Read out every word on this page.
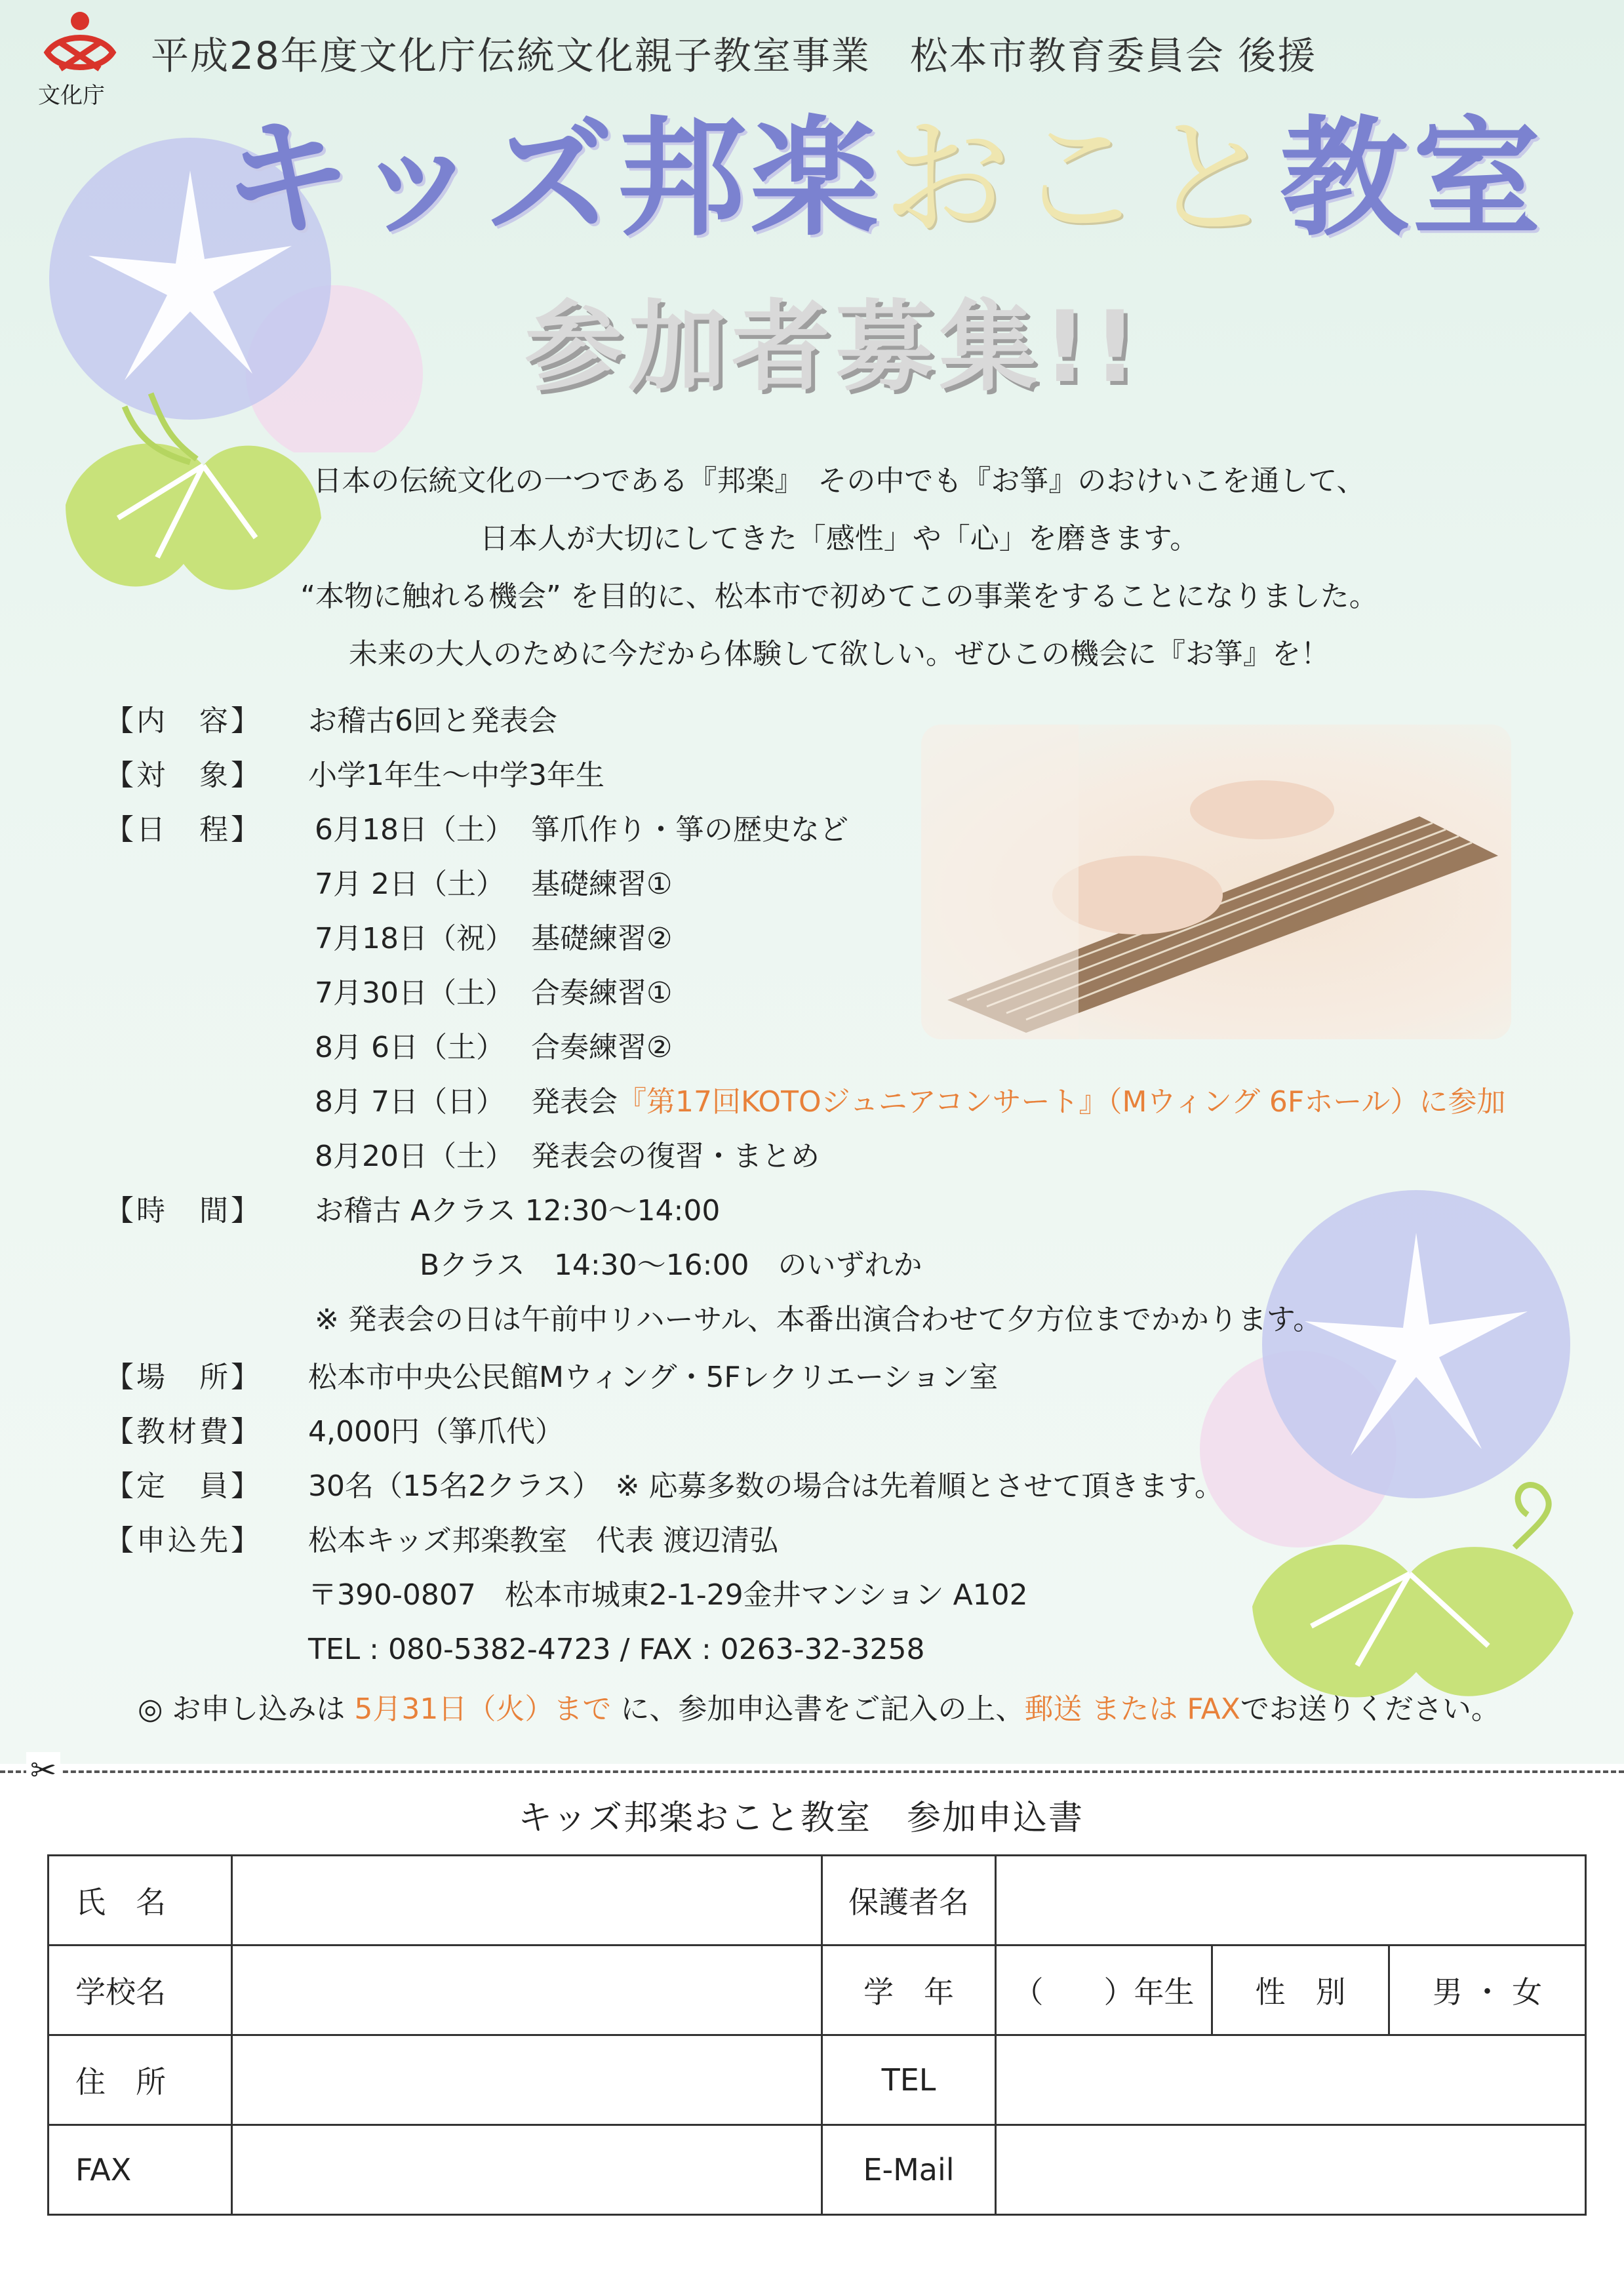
文化庁
平成28年度文化庁伝統文化親子教室事業　松本市教育委員会 後援
キッズ邦楽おこと教室
参加者募集!!

日本の伝統文化の一つである『邦楽』　その中でも『お箏』のおけいこを通して、

日本人が大切にしてきた「感性」や「心」を磨きます。

“本物に触れる機会” を目的に、松本市で初めてこの事業をすることになりました。

未来の大人のために今だから体験して欲しい。ぜひこの機会に『お箏』を！

【内　容】 お稽古6回と発表会
【対　象】 小学1年生～中学3年生
【日　程】 6月18日（土） 箏爪作り・箏の歴史など
7月 2日（土） 基礎練習①
7月18日（祝） 基礎練習②
7月30日（土） 合奏練習①
8月 6日（土） 合奏練習②
8月 7日（日） 発表会『第17回KOTOジュニアコンサート』（Mウィング 6Fホール）に参加
8月20日（土） 発表会の復習・まとめ
【時　間】 お稽古 Aクラス 12:30～14:00
Bクラス　14:30～16:00　のいずれか
※ 発表会の日は午前中リハーサル、本番出演合わせて夕方位までかかります。
【場　所】 松本市中央公民館Mウィング・5Fレクリエーション室
【教材費】 4,000円（箏爪代）
【定　員】 30名（15名2クラス）　※ 応募多数の場合は先着順とさせて頂きます。
【申込先】 松本キッズ邦楽教室　代表 渡辺清弘
〒390-0807　松本市城東2-1-29金井マンション A102
TEL : 080-5382-4723 / FAX : 0263-32-3258
◎ お申し込みは 5月31日（火）まで に、参加申込書をご記入の上、郵送 または FAXでお送りください。
✂
キッズ邦楽おこと教室　参加申込書
氏　名		保護者名			
学校名		学　年	（　　）年生	性　別	男 ・ 女
住　所		TEL			
FAX		E-Mail			
